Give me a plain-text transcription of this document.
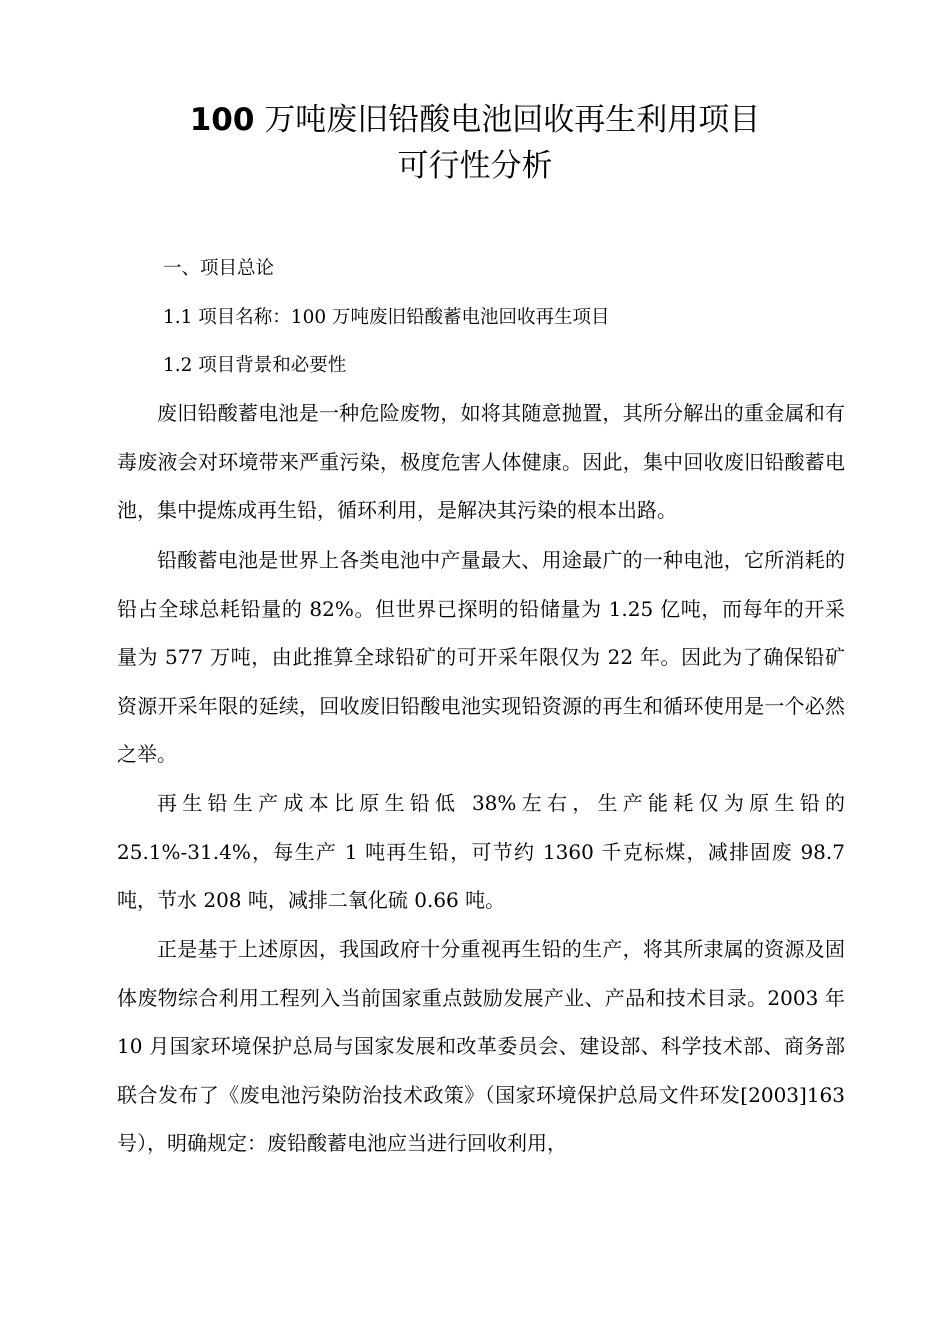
100 万吨废旧铅酸电池回收再生利用项目
可行性分析

一、项目总论

1.1 项目名称：100 万吨废旧铅酸蓄电池回收再生项目

1.2 项目背景和必要性

废旧铅酸蓄电池是一种危险废物，如将其随意抛置，其所分解出的重金属和有毒废液会对环境带来严重污染，极度危害人体健康。因此，集中回收废旧铅酸蓄电池，集中提炼成再生铅，循环利用，是解决其污染的根本出路。

铅酸蓄电池是世界上各类电池中产量最大、用途最广的一种电池，它所消耗的铅占全球总耗铅量的 82%。但世界已探明的铅储量为 1.25 亿吨，而每年的开采量为 577 万吨，由此推算全球铅矿的可开采年限仅为 22 年。因此为了确保铅矿资源开采年限的延续，回收废旧铅酸电池实现铅资源的再生和循环使用是一个必然之举。

再生铅生产成本比原生铅低 38%左右，生产能耗仅为原生铅的 25.1%-31.4%，每生产 1 吨再生铅，可节约 1360 千克标煤，减排固废 98.7 吨，节水 208 吨，减排二氧化硫 0.66 吨。

正是基于上述原因，我国政府十分重视再生铅的生产，将其所隶属的资源及固体废物综合利用工程列入当前国家重点鼓励发展产业、产品和技术目录。2003 年 10 月国家环境保护总局与国家发展和改革委员会、建设部、科学技术部、商务部联合发布了《废电池污染防治技术政策》（国家环境保护总局文件环发[2003]163 号），明确规定：废铅酸蓄电池应当进行回收利用，
